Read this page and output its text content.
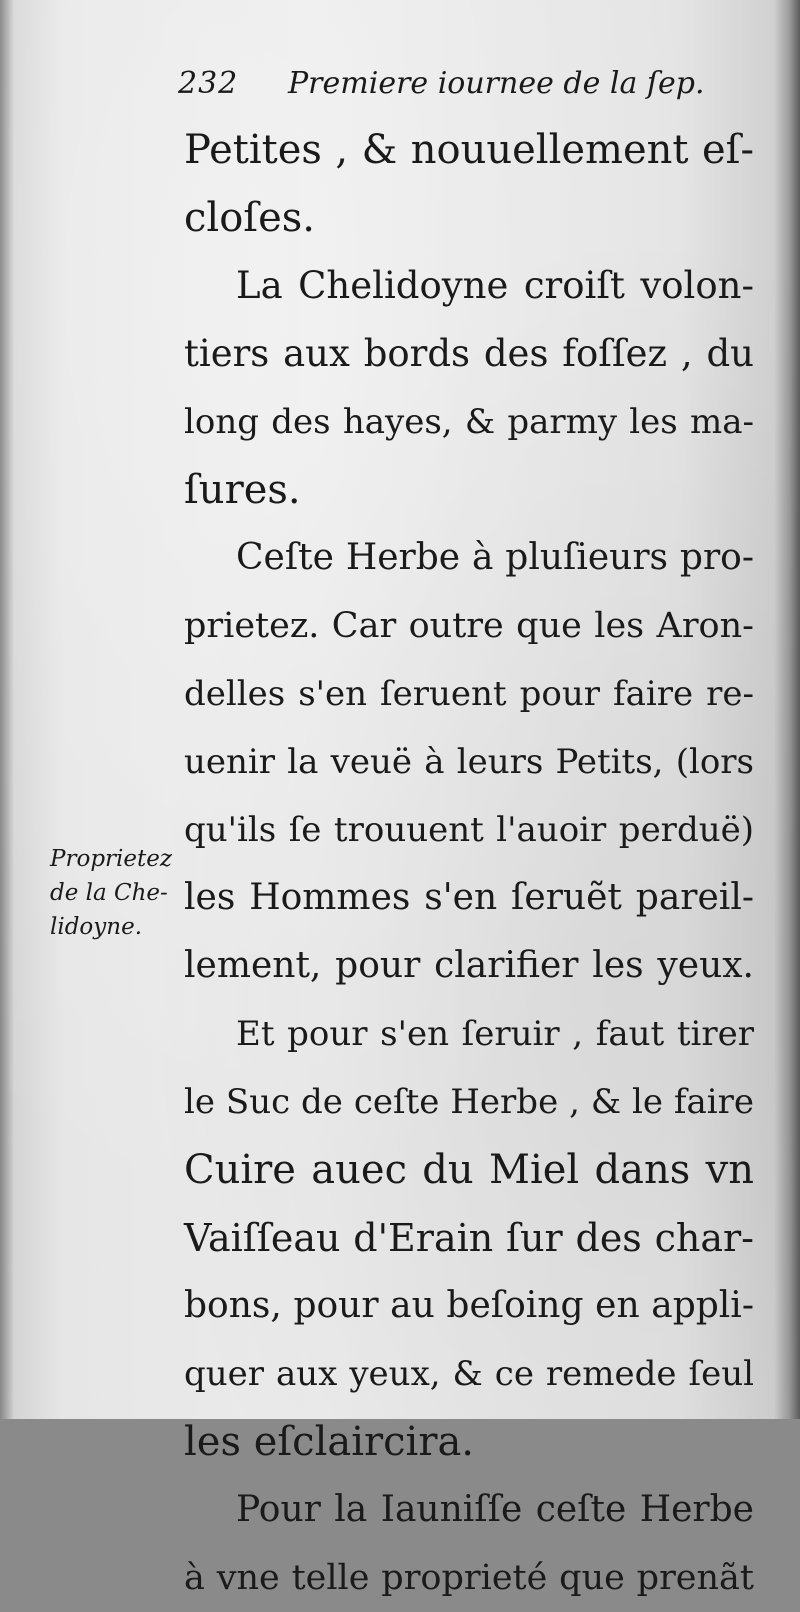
232 Premiere iournee de la ſep.
Proprietez
de la Che-
lidoyne.
Petites , & nouuellement eſ-
cloſes.
La Chelidoyne croiſt volon-
tiers aux bords des foſſez , du
long des hayes, & parmy les ma-
ſures.
Ceſte Herbe à pluſieurs pro-
prietez. Car outre que les Aron-
delles s'en ſeruent pour faire re-
uenir la veuë à leurs Petits, (lors
qu'ils ſe trouuent l'auoir perduë)
les Hommes s'en ſeruẽt pareil-
lement, pour clarifier les yeux.
Et pour s'en ſeruir , faut tirer
le Suc de ceſte Herbe , & le faire
Cuire auec du Miel dans vn
Vaiſſeau d'Erain ſur des char-
bons, pour au beſoing en appli-
quer aux yeux, & ce remede ſeul
les eſclaircira.
Pour la Iauniſſe ceſte Herbe
à vne telle proprieté que prenãt
